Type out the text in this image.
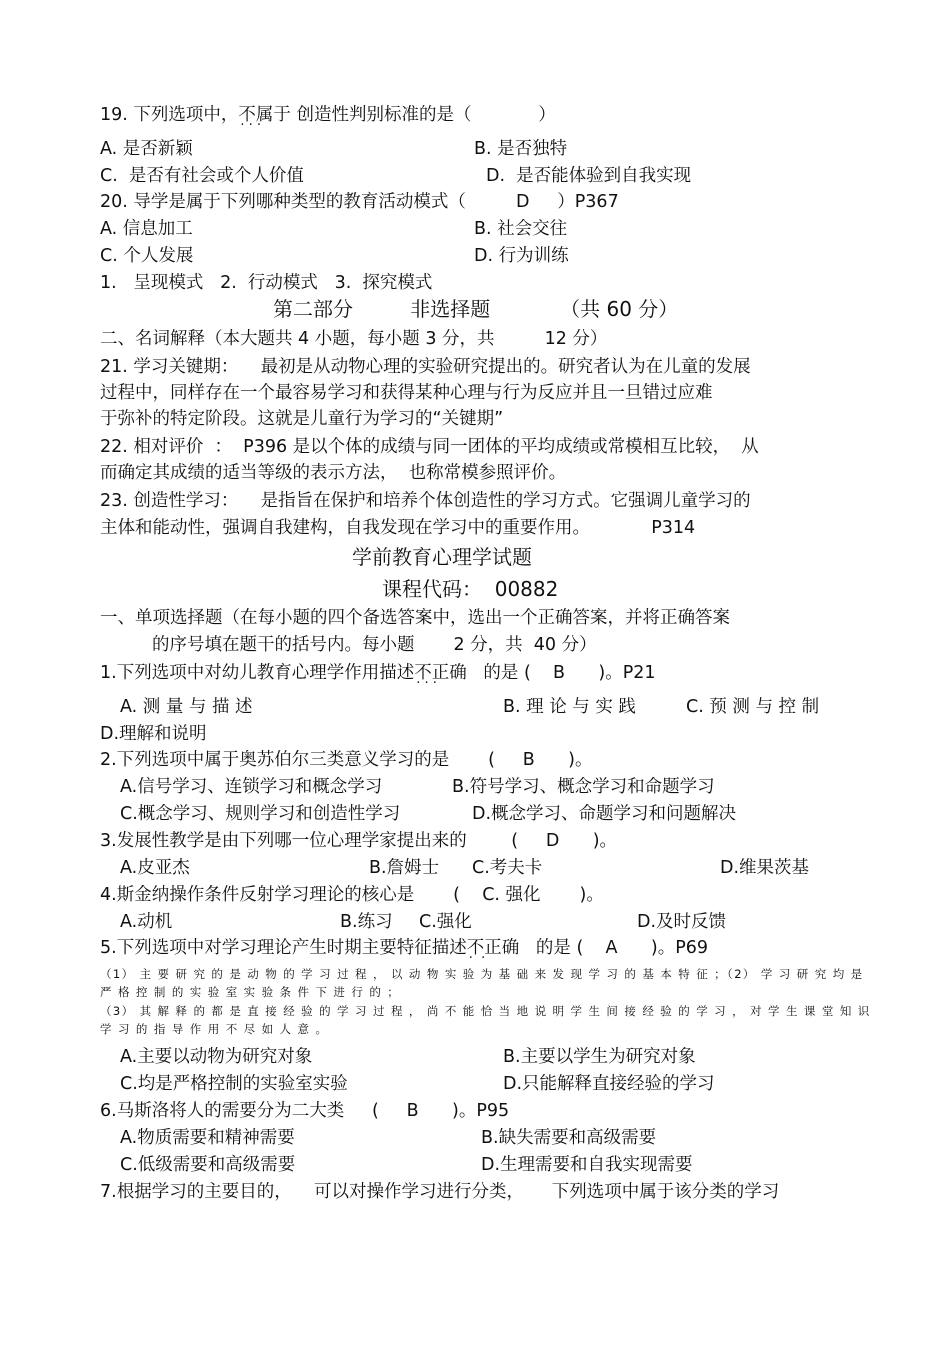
19. 下列选项中，不属于 · · · 创造性判别标准的是（            ）
A. 是否新颖	B. 是否独特
C.  是否有社会或个人价值	D.  是否能体验到自我实现
20. 导学是属于下列哪种类型的教育活动模式（         D     ）P367
A. 信息加工	B. 社会交往
C. 个人发展	D. 行为训练
1.   呈现模式   2.  行动模式   3.  探究模式
第二部分         非选择题           （共 60 分）
二、名词解释（本大题共 4 小题，每小题 3 分，共         12 分）
21. 学习关键期：    最初是从动物心理的实验研究提出的。研究者认为在儿童的发展
过程中，同样存在一个最容易学习和获得某种心理与行为反应并且一旦错过应难
于弥补的特定阶段。这就是儿童行为学习的“关键期”
22. 相对评价  ：  P396 是以个体的成绩与同一团体的平均成绩或常模相互比较，  从
而确定其成绩的适当等级的表示方法，  也称常模参照评价。
23. 创造性学习：    是指旨在保护和培养个体创造性的学习方式。它强调儿童学习的
主体和能动性，强调自我建构，自我发现在学习中的重要作用。           P314
学前教育心理学试题
课程代码：  00882
一、单项选择题（在每小题的四个备选答案中，选出一个正确答案，并将正确答案
的序号填在题干的括号内。每小题       2 分，共  40 分）
1.下列选项中对幼儿教育心理学作用描述不正确 · · ·   的是 (    B      )。P21
A. 测 量 与 描 述	B. 理 论 与 实 践	C. 预 测 与 控 制
D.理解和说明
2.下列选项中属于奥苏伯尔三类意义学习的是       (     B      )。
A.信号学习、连锁学习和概念学习	B.符号学习、概念学习和命题学习
C.概念学习、规则学习和创造性学习	D.概念学习、命题学习和问题解决
3.发展性教学是由下列哪一位心理学家提出来的        (     D      )。
A.皮亚杰	B.詹姆士 C.考夫卡	D.维果茨基
4.斯金纳操作条件反射学习理论的核心是       (    C. 强化       )。
A.动机	B.练习 C.强化	D.及时反馈
5.下列选项中对学习理论产生时期主要特征描述不正确 ·  ·   的是 (    A      )。P69
（1） 主 要 研 究 的 是 动 物 的 学 习 过 程 ， 以 动 物 实 验 为 基 础 来 发 现 学 习 的 基 本 特 征 ；（2） 学 习 研 究 均 是
严 格 控 制 的 实 验 室 实 验 条 件 下 进 行 的 ；
（3） 其 解 释 的 都 是 直 接 经 验 的 学 习 过 程 ， 尚 不 能 恰 当 地 说 明 学 生 间 接 经 验 的 学 习 ， 对 学 生 课 堂 知 识
学 习 的 指 导 作 用 不 尽 如 人 意 。
A.主要以动物为研究对象	B.主要以学生为研究对象
C.均是严格控制的实验室实验	D.只能解释直接经验的学习
6.马斯洛将人的需要分为二大类     (     B      )。P95
A.物质需要和精神需要	B.缺失需要和高级需要
C.低级需要和高级需要	D.生理需要和自我实现需要
7.根据学习的主要目的，    可以对操作学习进行分类，     下列选项中属于该分类的学习
